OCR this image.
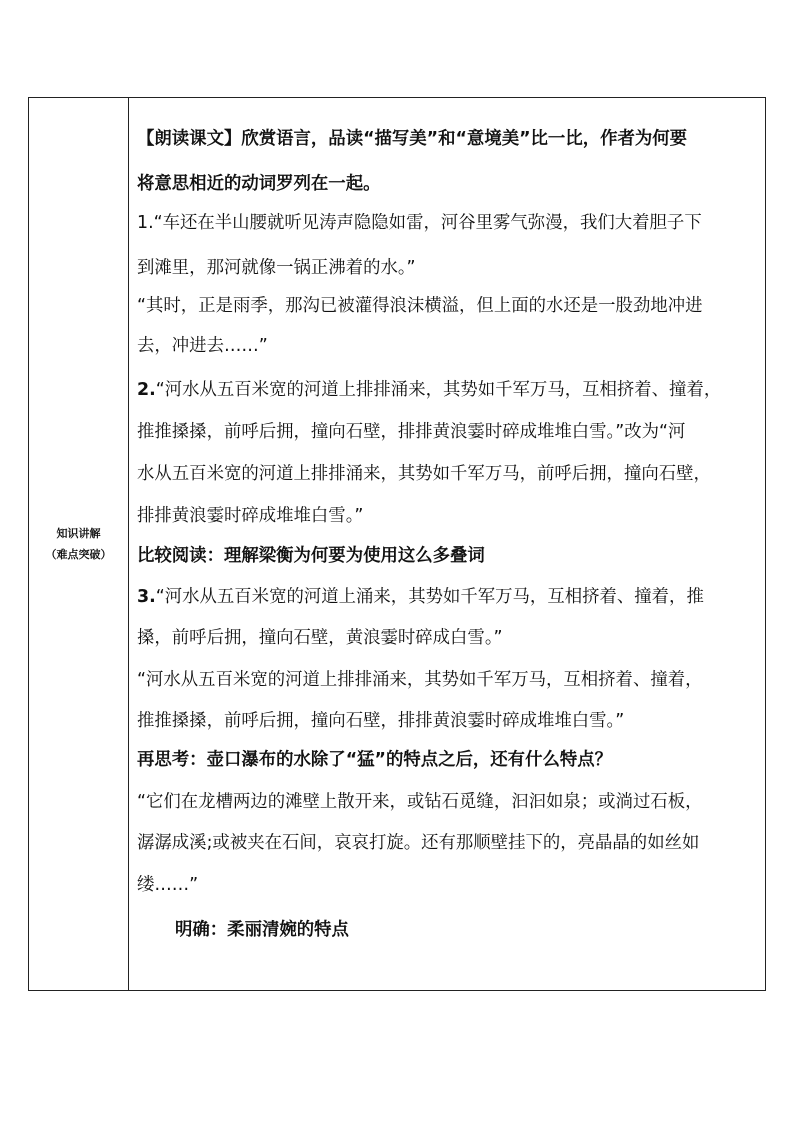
知识讲解
（难点突破）
【朗读课文】欣赏语言，品读“描写美”和“意境美”比一比，作者为何要
将意思相近的动词罗列在一起。
1.“车还在半山腰就听见涛声隐隐如雷，河谷里雾气弥漫，我们大着胆子下
到滩里，那河就像一锅正沸着的水。”
“其时，正是雨季，那沟已被灌得浪沫横溢，但上面的水还是一股劲地冲进
去，冲进去……”
2.“河水从五百米宽的河道上排排涌来，其势如千军万马，互相挤着、撞着，
推推搡搡，前呼后拥，撞向石壁，排排黄浪霎时碎成堆堆白雪。”改为“河
水从五百米宽的河道上排排涌来，其势如千军万马，前呼后拥，撞向石壁，
排排黄浪霎时碎成堆堆白雪。”
比较阅读：理解梁衡为何要为使用这么多叠词
3.“河水从五百米宽的河道上涌来，其势如千军万马，互相挤着、撞着，推
搡，前呼后拥，撞向石壁，黄浪霎时碎成白雪。”
“河水从五百米宽的河道上排排涌来，其势如千军万马，互相挤着、撞着，
推推搡搡，前呼后拥，撞向石壁，排排黄浪霎时碎成堆堆白雪。”
再思考：壶口瀑布的水除了“猛”的特点之后，还有什么特点？
“它们在龙槽两边的滩壁上散开来，或钻石觅缝，汩汩如泉；或淌过石板，
潺潺成溪;或被夹在石间，哀哀打旋。还有那顺壁挂下的，亮晶晶的如丝如
缕……”
明确：柔丽清婉的特点
